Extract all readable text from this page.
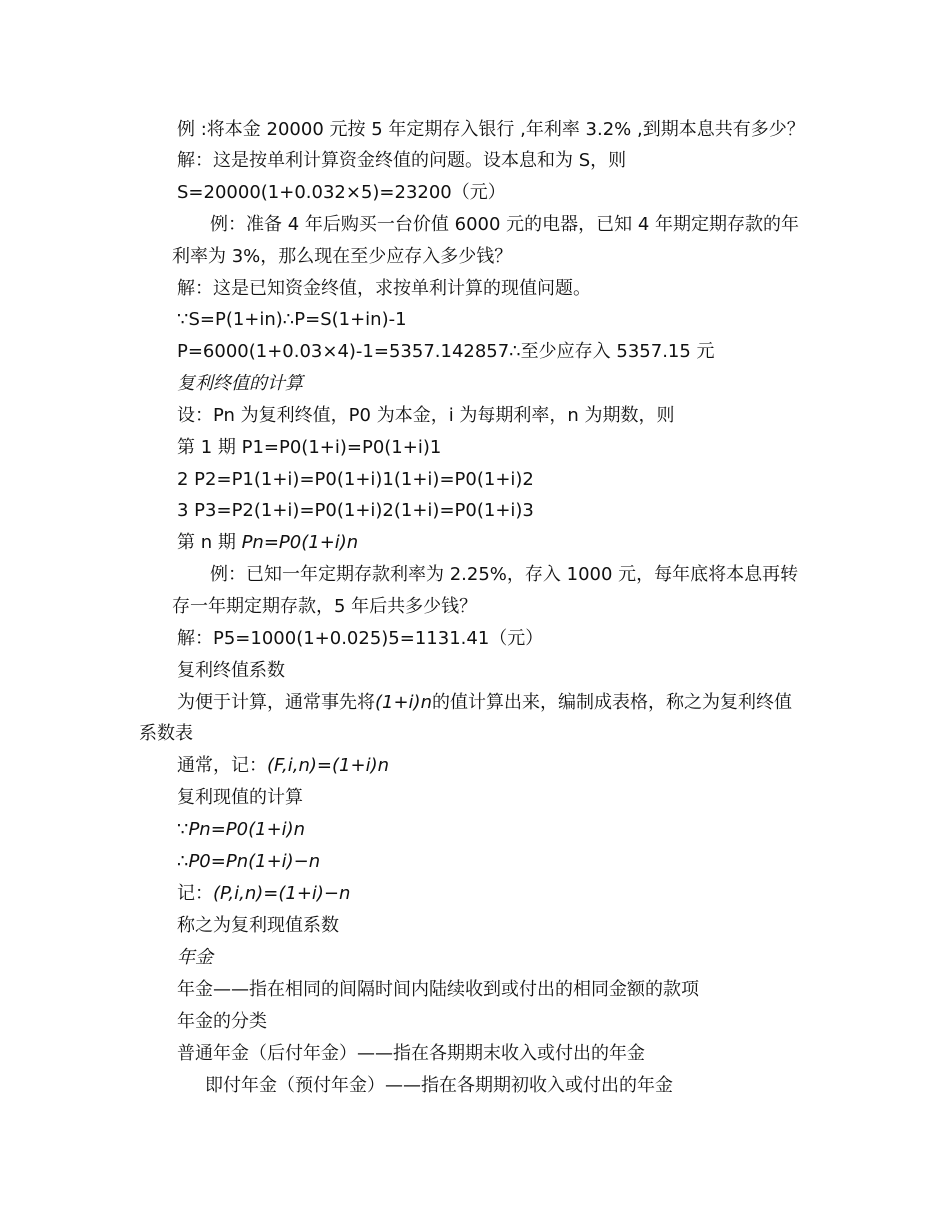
例 :将本金 20000 元按 5 年定期存入银行 ,年利率 3.2% ,到期本息共有多少？
解：这是按单利计算资金终值的问题。设本息和为 S，则
S=20000(1+0.032×5)=23200（元）
例：准备 4 年后购买一台价值 6000 元的电器，已知 4 年期定期存款的年
利率为 3%，那么现在至少应存入多少钱？
解：这是已知资金终值，求按单利计算的现值问题。
∵S=P(1+in)∴P=S(1+in)-1
P=6000(1+0.03×4)-1=5357.142857∴至少应存入 5357.15 元
复利终值的计算
设：Pn 为复利终值，P0 为本金，i 为每期利率，n 为期数，则
第 1 期 P1=P0(1+i)=P0(1+i)1
2 P2=P1(1+i)=P0(1+i)1(1+i)=P0(1+i)2
3 P3=P2(1+i)=P0(1+i)2(1+i)=P0(1+i)3
第 n 期 Pn=P0(1+i)n
例：已知一年定期存款利率为 2.25%，存入 1000 元，每年底将本息再转
存一年期定期存款，5 年后共多少钱？
解：P5=1000(1+0.025)5=1131.41（元）
复利终值系数
为便于计算，通常事先将(1+i)n的值计算出来，编制成表格，称之为复利终值
系数表
通常，记：(F,i,n)=(1+i)n
复利现值的计算
∵Pn=P0(1+i)n
∴P0=Pn(1+i)−n
记：(P,i,n)=(1+i)−n
称之为复利现值系数
年金
年金——指在相同的间隔时间内陆续收到或付出的相同金额的款项
年金的分类
普通年金（后付年金）——指在各期期末收入或付出的年金
即付年金（预付年金）——指在各期期初收入或付出的年金
